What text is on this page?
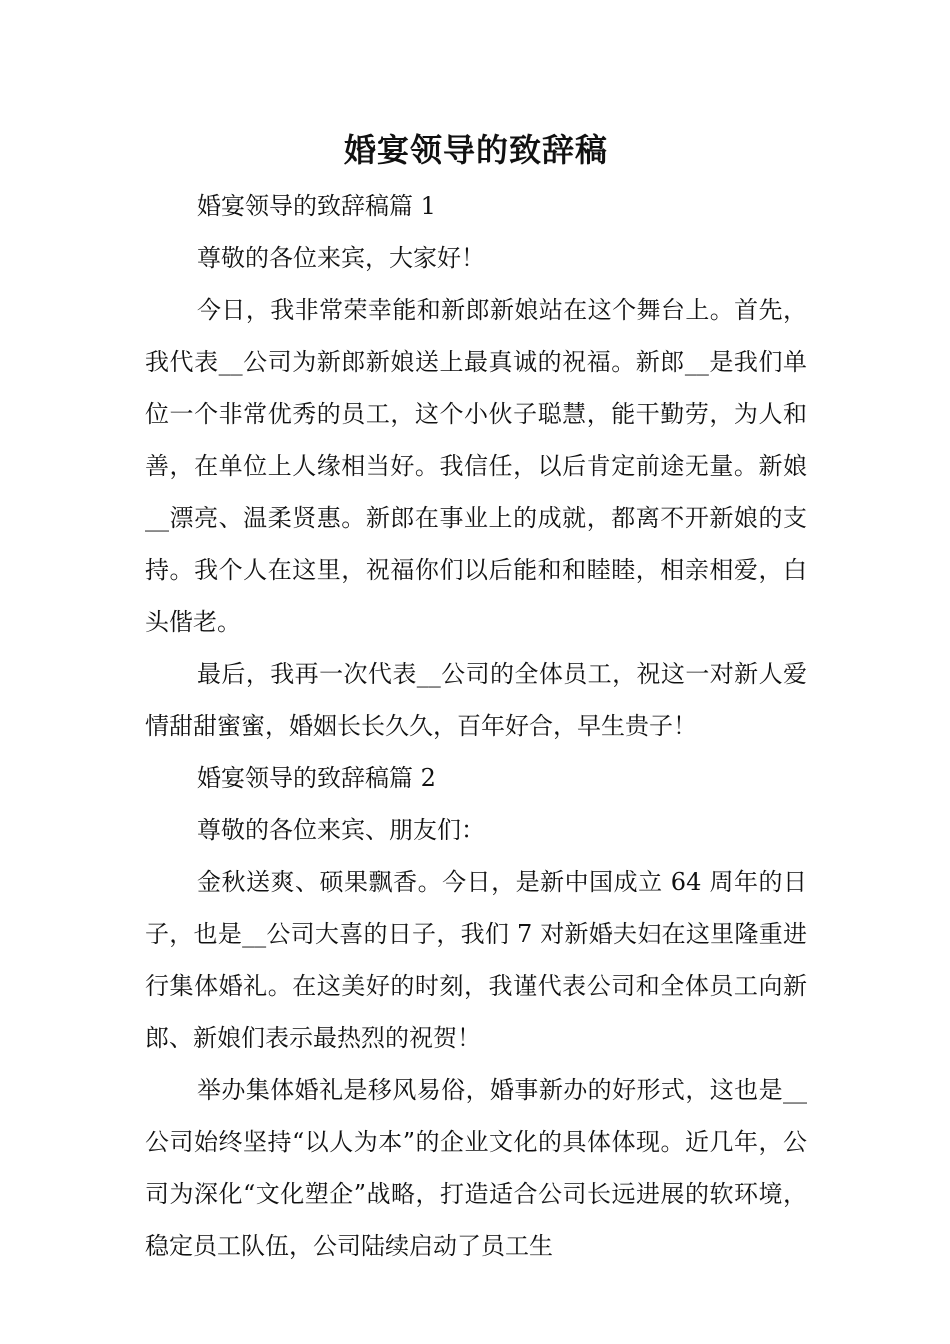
婚宴领导的致辞稿

婚宴领导的致辞稿篇 1

尊敬的各位来宾，大家好！

今日，我非常荣幸能和新郎新娘站在这个舞台上。首先，我代表__公司为新郎新娘送上最真诚的祝福。新郎__是我们单位一个非常优秀的员工，这个小伙子聪慧，能干勤劳，为人和善，在单位上人缘相当好。我信任，以后肯定前途无量。新娘__漂亮、温柔贤惠。新郎在事业上的成就，都离不开新娘的支持。我个人在这里，祝福你们以后能和和睦睦，相亲相爱，白头偕老。

最后，我再一次代表__公司的全体员工，祝这一对新人爱情甜甜蜜蜜，婚姻长长久久，百年好合，早生贵子！

婚宴领导的致辞稿篇 2

尊敬的各位来宾、朋友们：

金秋送爽、硕果飘香。今日，是新中国成立 64 周年的日子，也是__公司大喜的日子，我们 7 对新婚夫妇在这里隆重进行集体婚礼。在这美好的时刻，我谨代表公司和全体员工向新郎、新娘们表示最热烈的祝贺！

举办集体婚礼是移风易俗，婚事新办的好形式，这也是__公司始终坚持“以人为本”的企业文化的具体体现。近几年，公司为深化“文化塑企”战略，打造适合公司长远进展的软环境，稳定员工队伍，公司陆续启动了员工生
